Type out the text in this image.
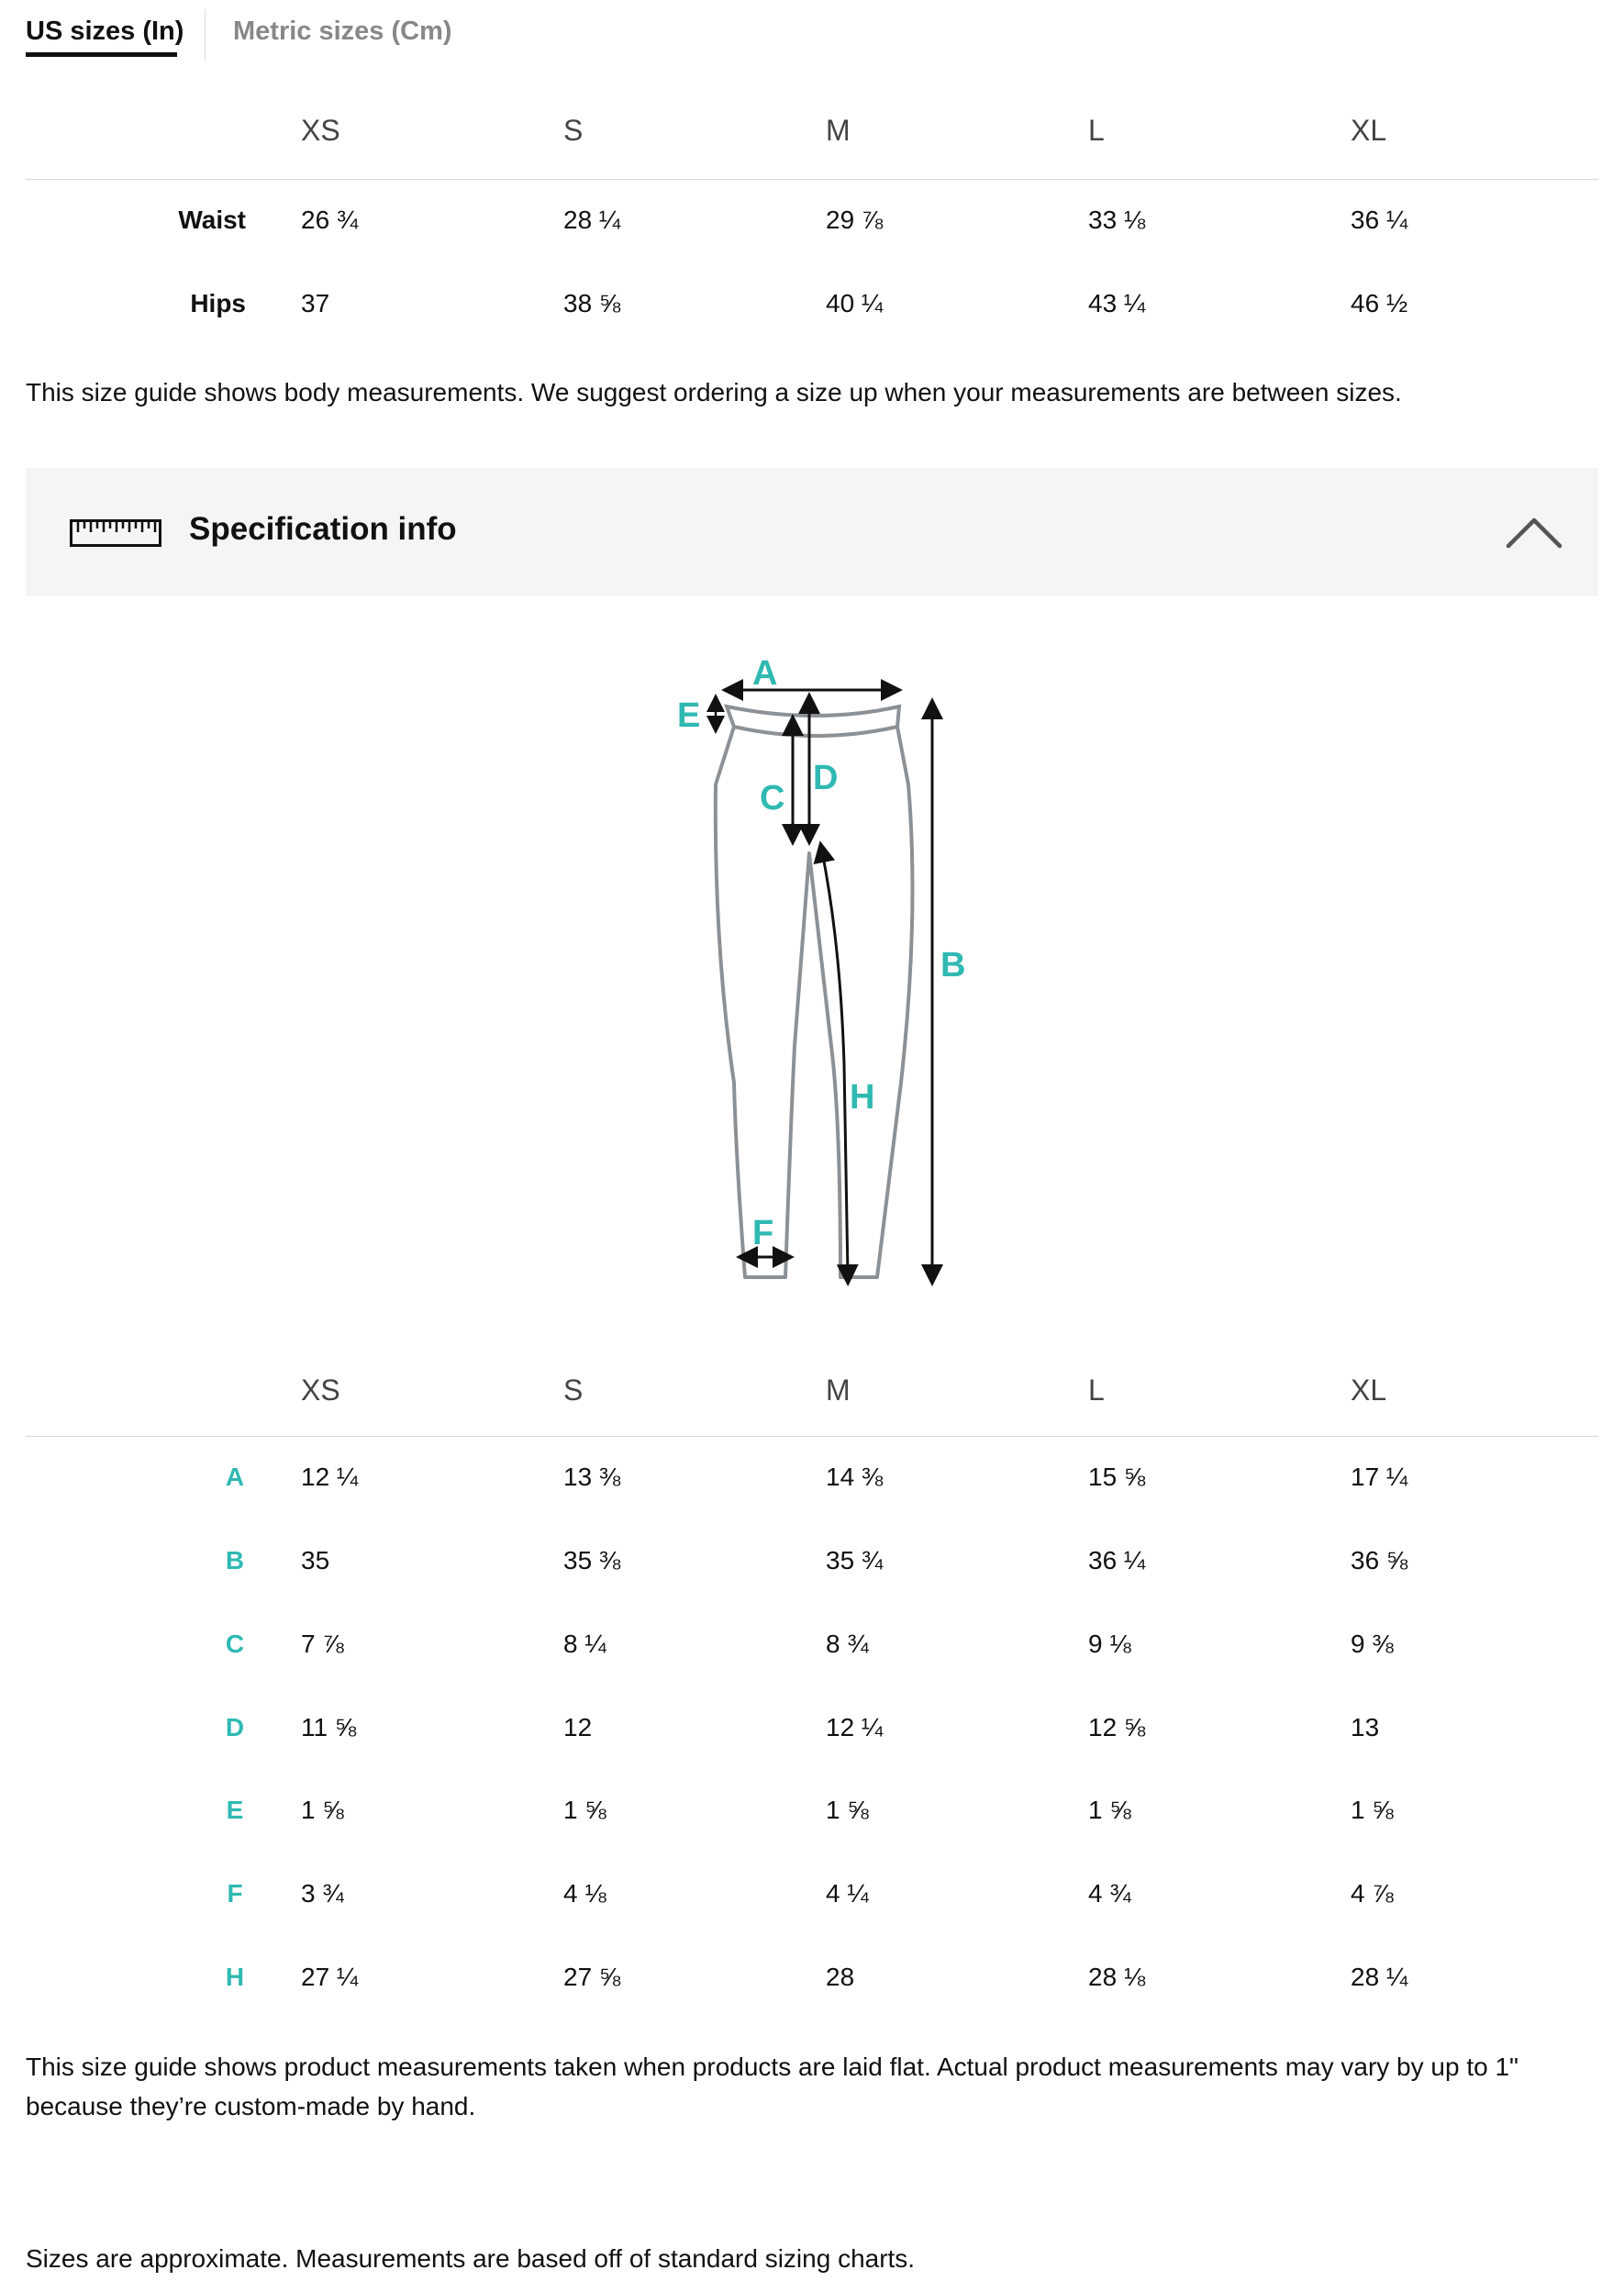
US sizes (In) Metric sizes (Cm)
XS	S	M	L	XL
Waist 26 ¾	28 ¼	29 ⅞	33 ⅛	36 ¼
Hips 37	38 ⅝	40 ¼	43 ¼	46 ½
This size guide shows body measurements. We suggest ordering a size up when your measurements are between sizes.
Specification info
A
B
C
D
E
F
H
XS	S	M	L	XL
A	12 ¼	13 ⅜	14 ⅜	15 ⅝	17 ¼
B	35	35 ⅜	35 ¾	36 ¼	36 ⅝
C	7 ⅞	8 ¼	8 ¾	9 ⅛	9 ⅜
D	11 ⅝	12	12 ¼	12 ⅝	13
E	1 ⅝	1 ⅝	1 ⅝	1 ⅝	1 ⅝
F	3 ¾	4 ⅛	4 ¼	4 ¾	4 ⅞
H	27 ¼	27 ⅝	28	28 ⅛	28 ¼
This size guide shows product measurements taken when products are laid flat. Actual product measurements may vary by up to 1"
because they’re custom-made by hand.
Sizes are approximate. Measurements are based off of standard sizing charts.
